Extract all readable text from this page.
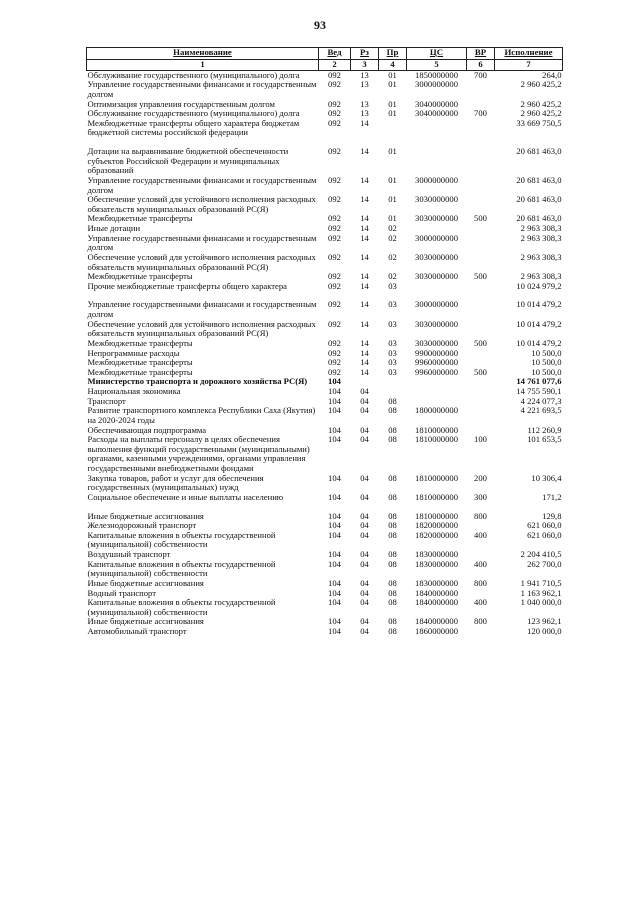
93
Наименование	Вед	Рз	Пр	ЦС	ВР	Исполнение
1	2	3	4	5	6	7
Обслуживание государственного (муниципального) долга	092	13	01	1850000000	700	264,0
Управление государственными финансами и государственным долгом	092	13	01	3000000000		2 960 425,2
Оптимизация управления государственным долгом	092	13	01	3040000000		2 960 425,2
Обслуживание государственного (муниципального) долга	092	13	01	3040000000	700	2 960 425,2
Межбюджетные трансферты общего характера бюджетам бюджетной системы российской федерации	092	14				33 669 750,5
Дотации на выравнивание бюджетной обеспеченности субъектов Российской Федерации и муниципальных образований	092	14	01			20 681 463,0
Управление государственными финансами и государственным долгом	092	14	01	3000000000		20 681 463,0
Обеспечение условий для устойчивого исполнения расходных обязательств муниципальных образований РС(Я)	092	14	01	3030000000		20 681 463,0
Межбюджетные трансферты	092	14	01	3030000000	500	20 681 463,0
Иные дотации	092	14	02			2 963 308,3
Управление государственными финансами и государственным долгом	092	14	02	3000000000		2 963 308,3
Обеспечение условий для устойчивого исполнения расходных обязательств муниципальных образований РС(Я)	092	14	02	3030000000		2 963 308,3
Межбюджетные трансферты	092	14	02	3030000000	500	2 963 308,3
Прочие межбюджетные трансферты общего характера	092	14	03			10 024 979,2
Управление государственными финансами и государственным долгом	092	14	03	3000000000		10 014 479,2
Обеспечение условий для устойчивого исполнения расходных обязательств муниципальных образований РС(Я)	092	14	03	3030000000		10 014 479,2
Межбюджетные трансферты	092	14	03	3030000000	500	10 014 479,2
Непрограммные расходы	092	14	03	9900000000		10 500,0
Межбюджетные трансферты	092	14	03	9960000000		10 500,0
Межбюджетные трансферты	092	14	03	9960000000	500	10 500,0
Министерство транспорта и дорожного хозяйства РС(Я)	104					14 761 077,6
Национальная экономика	104	04				14 755 590,1
Транспорт	104	04	08			4 224 077,3
Развитие транспортного комплекса Республики Саха (Якутия) на 2020-2024 годы	104	04	08	1800000000		4 221 693,5
Обеспечивающая подпрограмма	104	04	08	1810000000		112 260,9
Расходы на выплаты персоналу в целях обеспечения выполнения функций государственными (муниципальными) органами, казенными учреждениями, органами управления государственными внебюджетными фондами	104	04	08	1810000000	100	101 653,5
Закупка товаров, работ и услуг для обеспечения государственных (муниципальных) нужд	104	04	08	1810000000	200	10 306,4
Социальное обеспечение и иные выплаты населению	104	04	08	1810000000	300	171,2
Иные бюджетные ассигнования	104	04	08	1810000000	800	129,8
Железнодорожный транспорт	104	04	08	1820000000		621 060,0
Капитальные вложения в объекты государственной (муниципальной) собственности	104	04	08	1820000000	400	621 060,0
Воздушный транспорт	104	04	08	1830000000		2 204 410,5
Капитальные вложения в объекты государственной (муниципальной) собственности	104	04	08	1830000000	400	262 700,0
Иные бюджетные ассигнования	104	04	08	1830000000	800	1 941 710,5
Водный транспорт	104	04	08	1840000000		1 163 962,1
Капитальные вложения в объекты государственной (муниципальной) собственности	104	04	08	1840000000	400	1 040 000,0
Иные бюджетные ассигнования	104	04	08	1840000000	800	123 962,1
Автомобильный транспорт	104	04	08	1860000000		120 000,0
